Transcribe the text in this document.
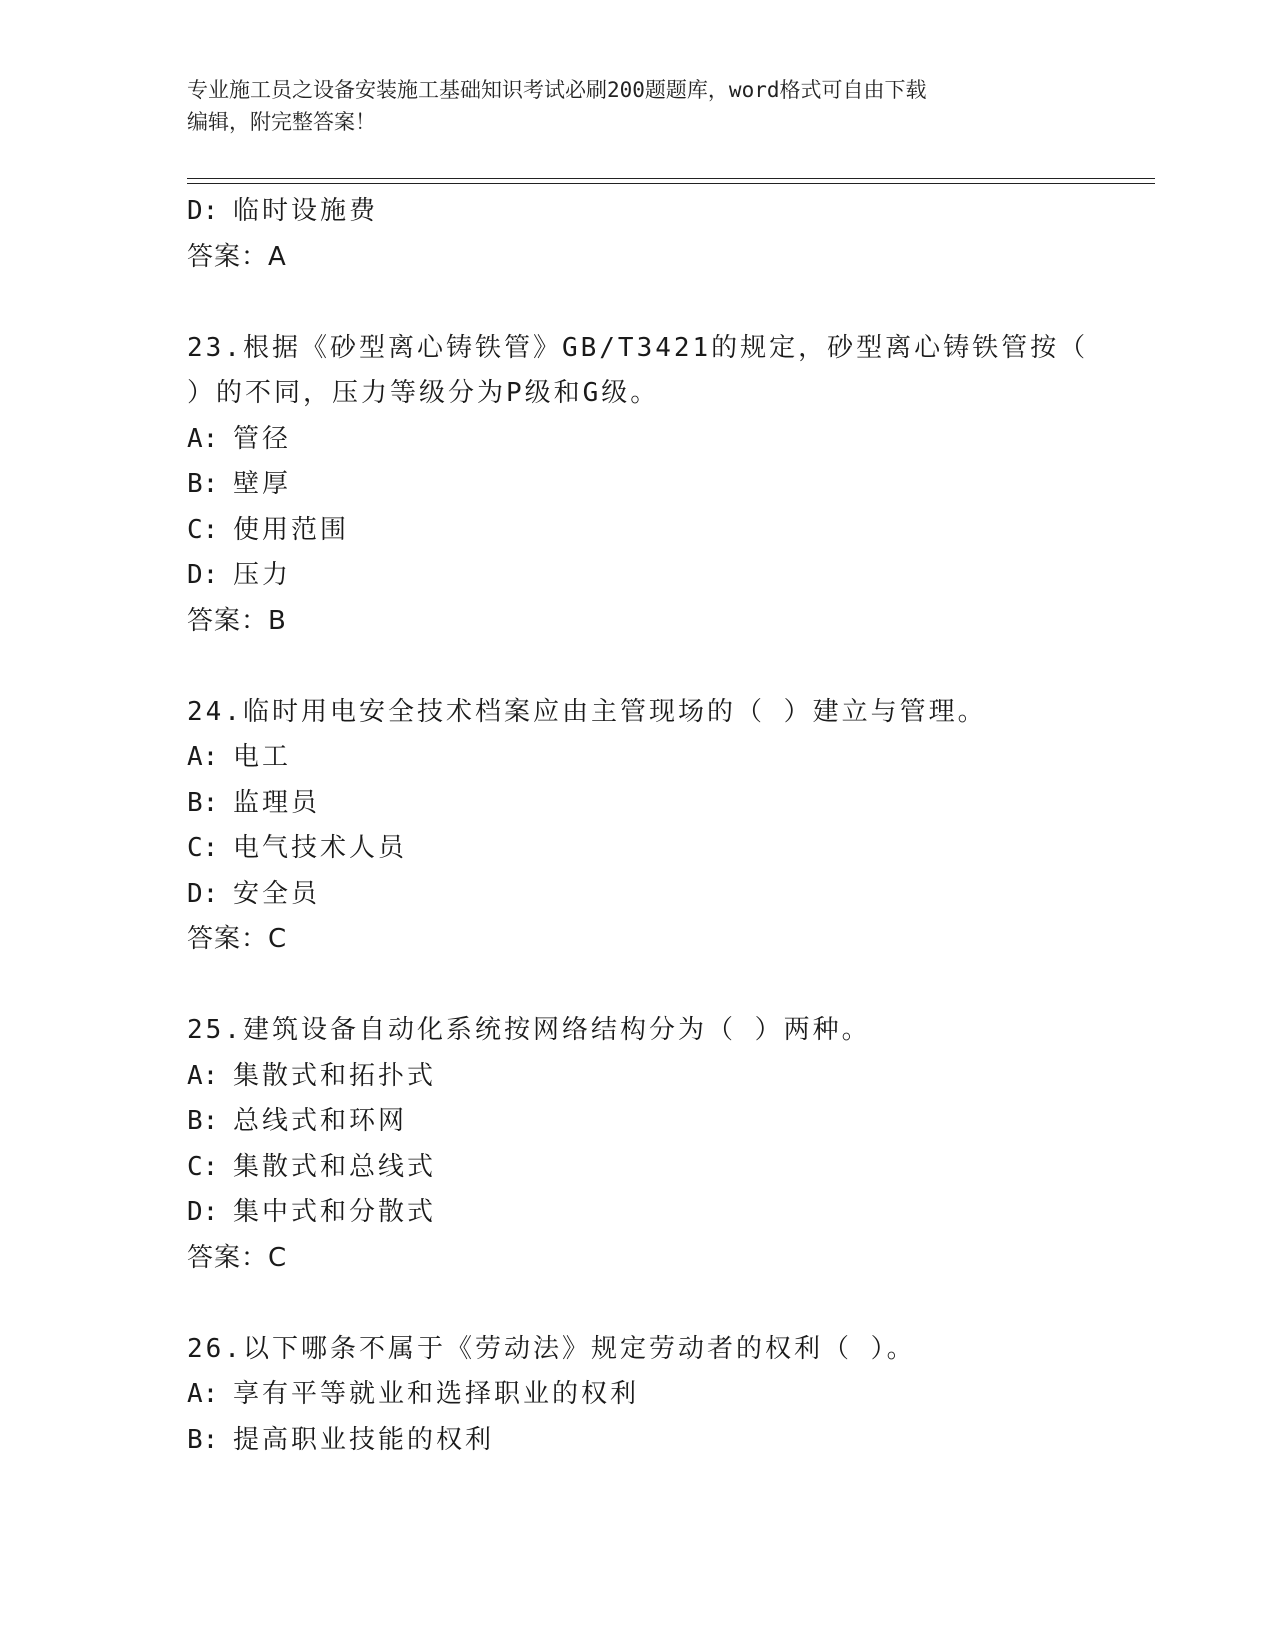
专业施工员之设备安装施工基础知识考试必刷200题题库，word格式可自由下载
编辑，附完整答案！
D: 临时设施费
答案：A
23.根据《砂型离心铸铁管》GB/T3421的规定，砂型离心铸铁管按（
）的不同，压力等级分为P级和G级。
A: 管径
B: 壁厚
C: 使用范围
D: 压力
答案：B
24.临时用电安全技术档案应由主管现场的（ ）建立与管理。
A: 电工
B: 监理员
C: 电气技术人员
D: 安全员
答案：C
25.建筑设备自动化系统按网络结构分为（ ）两种。
A: 集散式和拓扑式
B: 总线式和环网
C: 集散式和总线式
D: 集中式和分散式
答案：C
26.以下哪条不属于《劳动法》规定劳动者的权利（ ）。
A: 享有平等就业和选择职业的权利
B: 提高职业技能的权利
